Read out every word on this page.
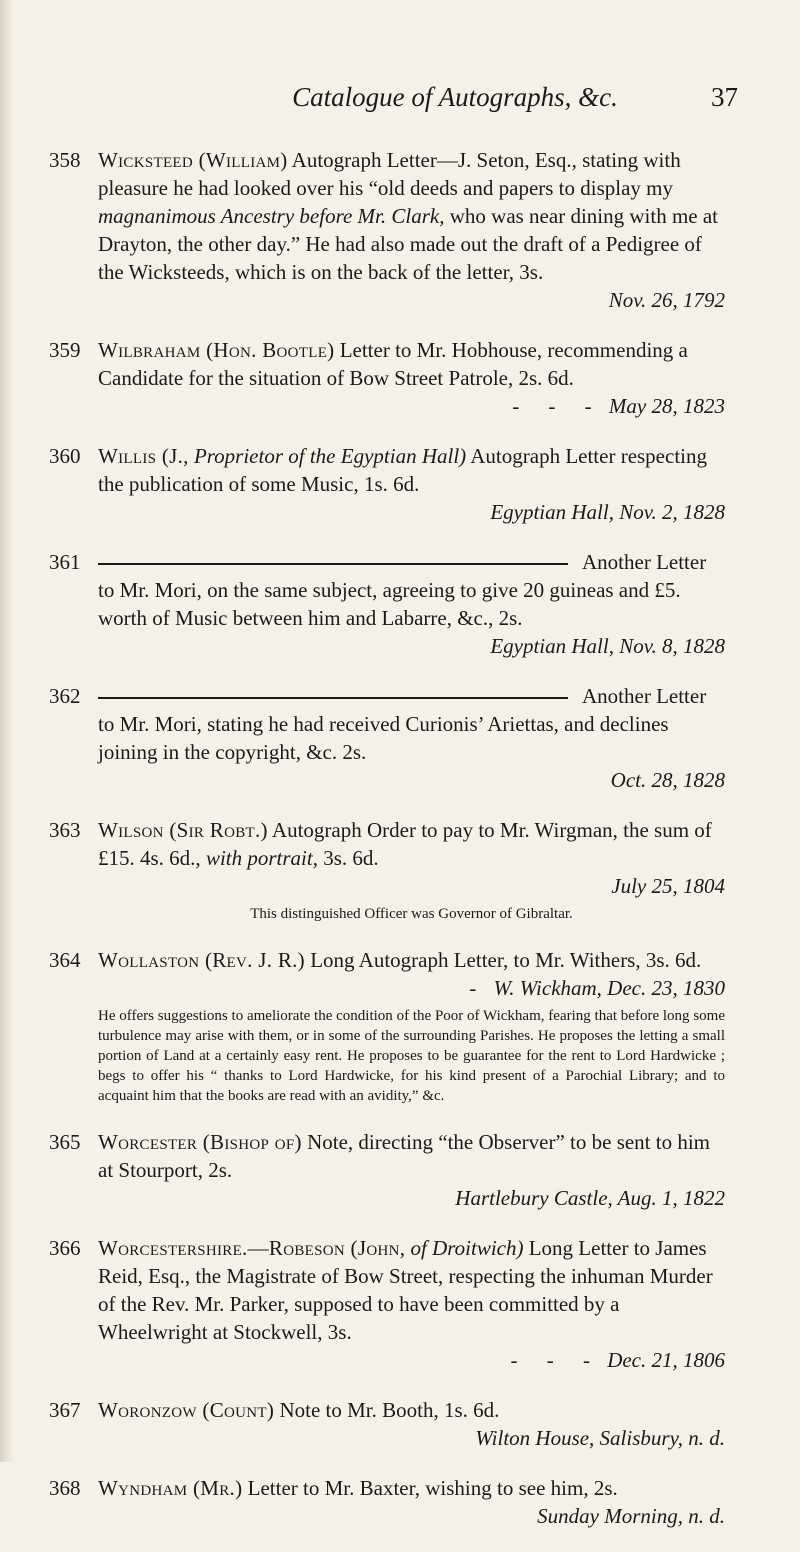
Catalogue of Autographs, &c.	37
358 Wickstеed (William) Autograph Letter—J. Seton, Esq., stating with pleasure he had looked over his “old deeds and papers to display my magnanimous Ancestry before Mr. Clark, who was near dining with me at Drayton, the other day.” He had also made out the draft of a Pedigree of the Wicksteeds, which is on the back of the letter, 3s.
Nov. 26, 1792
359 Wilbraham (Hon. Bootle) Letter to Mr. Hobhouse, recommending a Candidate for the situation of Bow Street Patrole, 2s. 6d.
- - - May 28, 1823
360 Willis (J., Proprietor of the Egyptian Hall) Autograph Letter respecting the publication of some Music, 1s. 6d.
Egyptian Hall, Nov. 2, 1828
361	Another Letter
to Mr. Mori, on the same subject, agreeing to give 20 guineas and £5. worth of Music between him and Labarre, &c., 2s.
Egyptian Hall, Nov. 8, 1828
362	Another Letter
to Mr. Mori, stating he had received Curionis’ Ariettas, and declines joining in the copyright, &c. 2s.
Oct. 28, 1828
363 Wilson (Sir Robt.) Autograph Order to pay to Mr. Wirgman, the sum of £15. 4s. 6d., with portrait, 3s. 6d.
July 25, 1804
This distinguished Officer was Governor of Gibraltar.
364 Wollaston (Rev. J. R.) Long Autograph Letter, to Mr. Withers, 3s. 6d.
- W. Wickham, Dec. 23, 1830
He offers suggestions to ameliorate the condition of the Poor of Wickham, fearing that before long some turbulence may arise with them, or in some of the surrounding Parishes. He proposes the letting a small portion of Land at a certainly easy rent. He proposes to be guarantee for the rent to Lord Hardwicke ; begs to offer his “ thanks to Lord Hardwicke, for his kind present of a Parochial Library; and to acquaint him that the books are read with an avidity,” &c.
365 Worcester (Bishop of) Note, directing “the Observer” to be sent to him at Stourport, 2s.
Hartlebury Castle, Aug. 1, 1822
366 Worcestershire.—Robeson (John, of Droitwich) Long Letter to James Reid, Esq., the Magistrate of Bow Street, respecting the inhuman Murder of the Rev. Mr. Parker, supposed to have been committed by a Wheelwright at Stockwell, 3s.
- - - Dec. 21, 1806
367 Woronzow (Count) Note to Mr. Booth, 1s. 6d.
Wilton House, Salisbury, n. d.
368 Wyndham (Mr.) Letter to Mr. Baxter, wishing to see him, 2s.
Sunday Morning, n. d.
